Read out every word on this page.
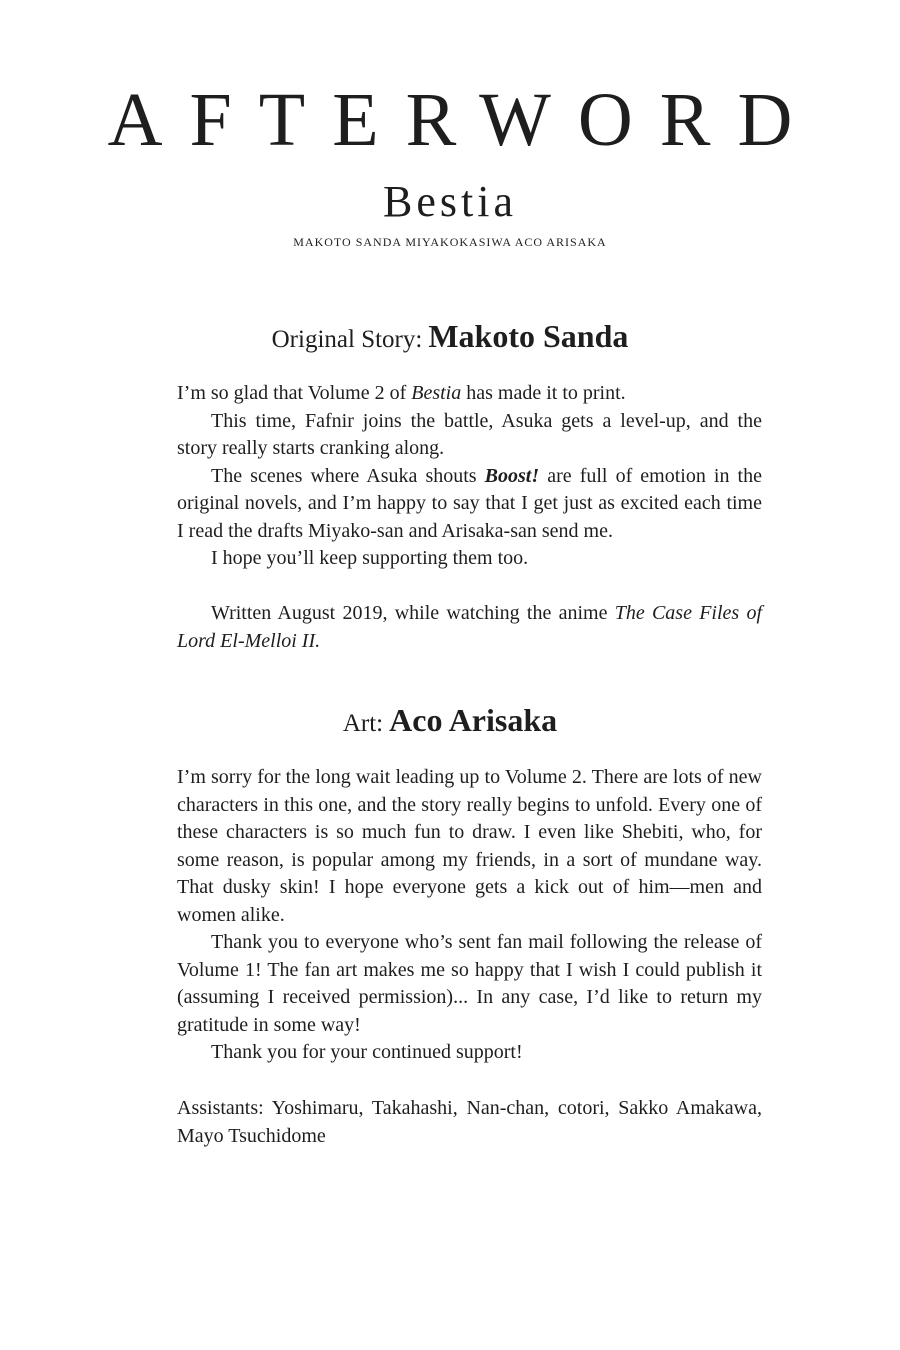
AFTERWORD
Bestia
MAKOTO SANDA MIYAKOKASIWA ACO ARISAKA
Original Story: Makoto Sanda

I’m so glad that Volume 2 of Bestia has made it to print.

This time, Fafnir joins the battle, Asuka gets a level-up, and the story really starts cranking along.

The scenes where Asuka shouts Boost! are full of emotion in the original novels, and I’m happy to say that I get just as excited each time I read the drafts Miyako-san and Arisaka-san send me.

I hope you’ll keep supporting them too.

Written August 2019, while watching the anime The Case Files of Lord El-Melloi II.

Art: Aco Arisaka

I’m sorry for the long wait leading up to Volume 2. There are lots of new characters in this one, and the story really begins to unfold. Every one of these characters is so much fun to draw. I even like Shebiti, who, for some reason, is popular among my friends, in a sort of mundane way. That dusky skin! I hope everyone gets a kick out of him—men and women alike.

Thank you to everyone who’s sent fan mail following the release of Volume 1! The fan art makes me so happy that I wish I could publish it (assuming I received permission)... In any case, I’d like to return my gratitude in some way!

Thank you for your continued support!

Assistants: Yoshimaru, Takahashi, Nan-chan, cotori, Sakko Amakawa, Mayo Tsuchidome
